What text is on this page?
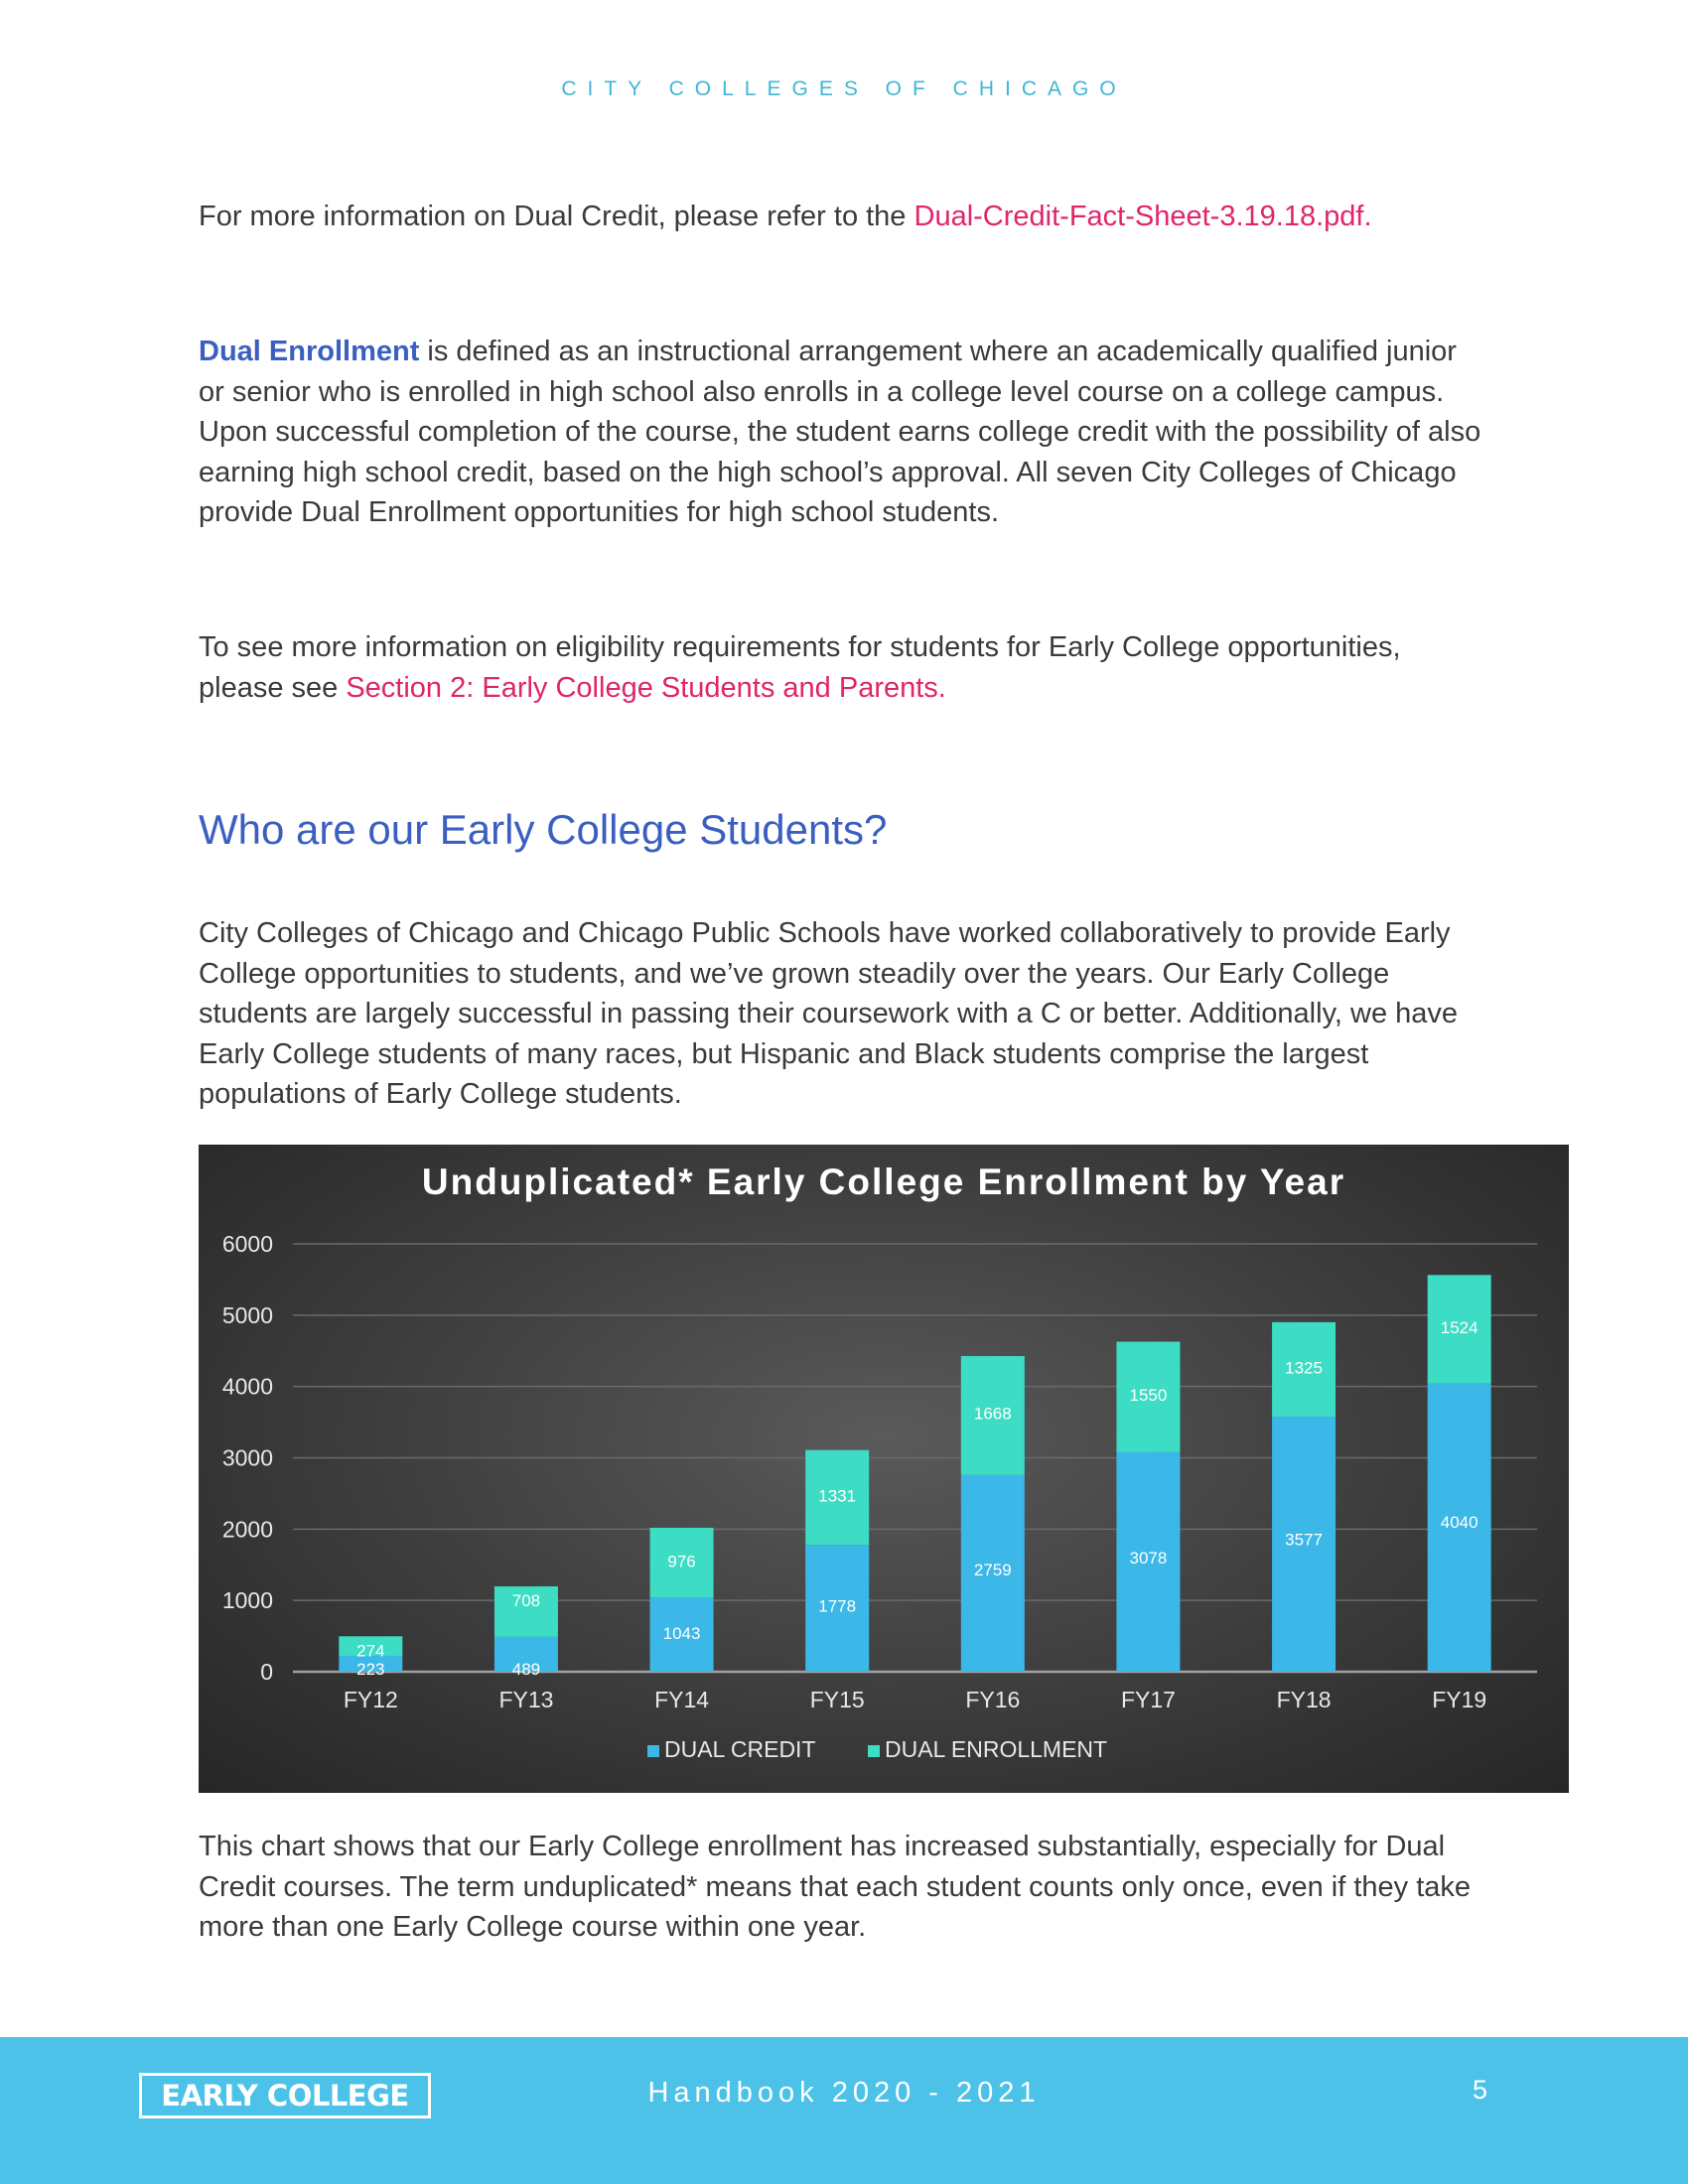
CITY COLLEGES OF CHICAGO

For more information on Dual Credit, please refer to the Dual-Credit-Fact-Sheet-3.19.18.pdf.

Dual Enrollment is defined as an instructional arrangement where an academically qualified junior or senior who is enrolled in high school also enrolls in a college level course on a college campus. Upon successful completion of the course, the student earns college credit with the possibility of also earning high school credit, based on the high school’s approval. All seven City Colleges of Chicago provide Dual Enrollment opportunities for high school students.

To see more information on eligibility requirements for students for Early College opportunities, please see Section 2: Early College Students and Parents.

Who are our Early College Students?

City Colleges of Chicago and Chicago Public Schools have worked collaboratively to provide Early College opportunities to students, and we’ve grown steadily over the years. Our Early College students are largely successful in passing their coursework with a C or better. Additionally, we have Early College students of many races, but Hispanic and Black students comprise the largest populations of Early College students.

Unduplicated* Early College Enrollment by Year
0
1000
2000
3000
4000
5000
6000
223
274
FY12
489
708
FY13
1043
976
FY14
1778
1331
FY15
2759
1668
FY16
3078
1550
FY17
3577
1325
FY18
4040
1524
FY19
DUAL CREDIT	DUAL ENROLLMENT

This chart shows that our Early College enrollment has increased substantially, especially for Dual Credit courses. The term unduplicated* means that each student counts only once, even if they take more than one Early College course within one year.

EARLY COLLEGE	Handbook 2020 - 2021	5
